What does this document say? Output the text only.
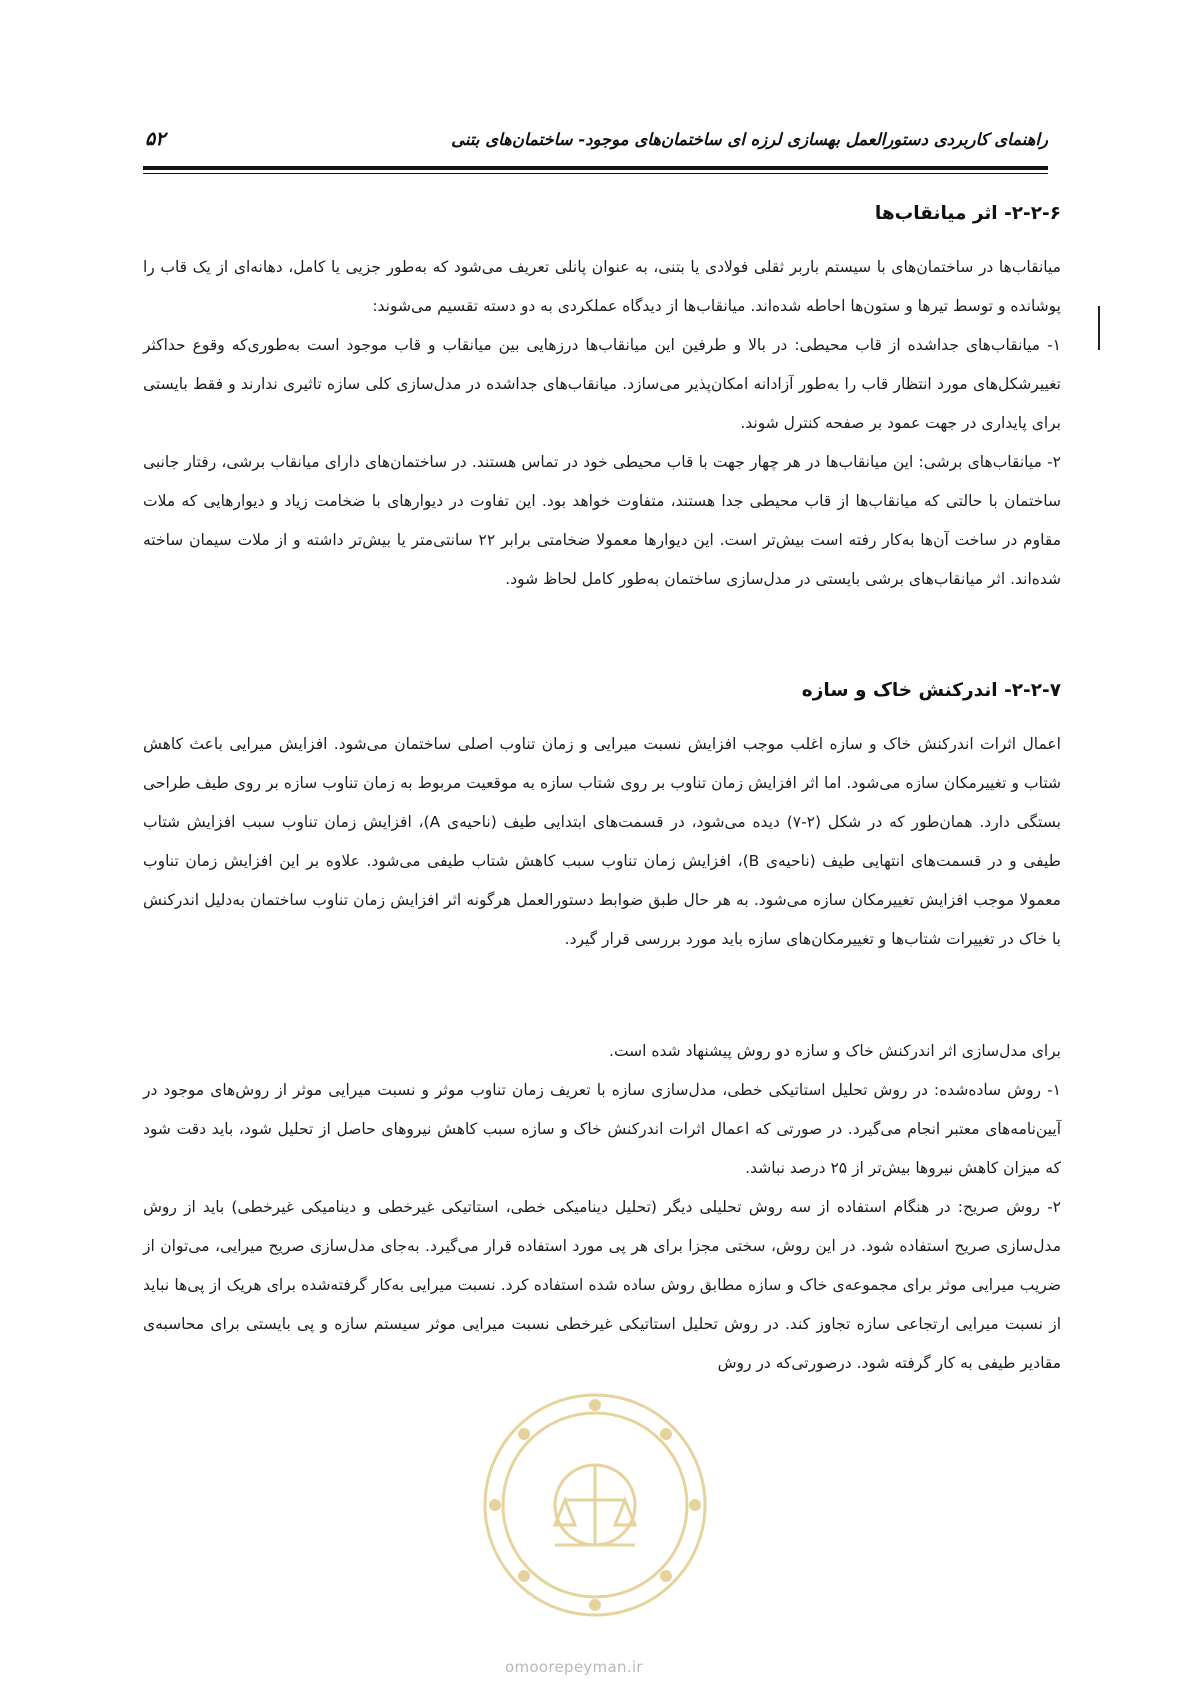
راهنمای کاربردی دستورالعمل بهسازی لرزه ای ساختمان‌های موجود- ساختمان‌های بتنی
۵۲
۲-۲-۶- اثر میانقاب‌ها

میانقاب‌ها در ساختمان‌های با سیستم باربر ثقلی فولادی یا بتنی، به عنوان پانلی تعریف می‌شود که به‌طور جزیی یا کامل، دهانه‌ای از یک قاب را پوشانده و توسط تیرها و ستون‌ها احاطه شده‌اند. میانقاب‌ها از دیدگاه عملکردی به دو دسته تقسیم می‌شوند:

۱- میانقاب‌های جداشده از قاب محیطی: در بالا و طرفین این میانقاب‌ها درزهایی بین میانقاب و قاب موجود است به‌طوری‌که وقوع حداکثر تغییرشکل‌های مورد انتظار قاب را به‌طور آزادانه امکان‌پذیر می‌سازد. میانقاب‌های جداشده در مدل‌سازی کلی سازه تاثیری ندارند و فقط بایستی برای پایداری در جهت عمود بر صفحه کنترل شوند.

۲- میانقاب‌های برشی: این میانقاب‌ها در هر چهار جهت با قاب محیطی خود در تماس هستند. در ساختمان‌های دارای میانقاب برشی، رفتار جانبی ساختمان با حالتی که میانقاب‌ها از قاب محیطی جدا هستند، متفاوت خواهد بود. این تفاوت در دیوارهای با ضخامت زیاد و دیوارهایی که ملات مقاوم در ساخت آن‌ها به‌کار رفته است بیش‌تر است. این دیوارها معمولا ضخامتی برابر ۲۲ سانتی‌متر یا بیش‌تر داشته و از ملات سیمان ساخته شده‌اند. اثر میانقاب‌های برشی بایستی در مدل‌سازی ساختمان به‌طور کامل لحاظ شود.

۲-۲-۷- اندرکنش خاک و سازه

اعمال اثرات اندرکنش خاک و سازه اغلب موجب افزایش نسبت میرایی و زمان تناوب اصلی ساختمان می‌شود. افزایش میرایی باعث کاهش شتاب و تغییرمکان سازه می‌شود. اما اثر افزایش زمان تناوب بر روی شتاب سازه به موقعیت مربوط به زمان تناوب سازه بر روی طیف طراحی بستگی دارد. همان‌طور که در شکل (۲-۷) دیده می‌شود، در قسمت‌های ابتدایی طیف (ناحیه‌ی A)، افزایش زمان تناوب سبب افزایش شتاب طیفی و در قسمت‌های انتهایی طیف (ناحیه‌ی B)، افزایش زمان تناوب سبب کاهش شتاب طیفی می‌شود. علاوه بر این افزایش زمان تناوب معمولا موجب افزایش تغییرمکان سازه می‌شود. به هر حال طبق ضوابط دستورالعمل هرگونه اثر افزایش زمان تناوب ساختمان به‌دلیل اندرکنش با خاک در تغییرات شتاب‌ها و تغییرمکان‌های سازه باید مورد بررسی قرار گیرد.

برای مدل‌سازی اثر اندرکنش خاک و سازه دو روش پیشنهاد شده است.

۱- روش ساده‌شده: در روش تحلیل استاتیکی خطی، مدل‌سازی سازه با تعریف زمان تناوب موثر و نسبت میرایی موثر از روش‌های موجود در آیین‌نامه‌های معتبر انجام می‌گیرد. در صورتی که اعمال اثرات اندرکنش خاک و سازه سبب کاهش نیروهای حاصل از تحلیل شود، باید دقت شود که میزان کاهش نیروها بیش‌تر از ۲۵ درصد نباشد.

۲- روش صریح: در هنگام استفاده از سه روش تحلیلی دیگر (تحلیل دینامیکی خطی، استاتیکی غیرخطی و دینامیکی غیرخطی) باید از روش مدل‌سازی صریح استفاده شود. در این روش، سختی مجزا برای هر پی مورد استفاده قرار می‌گیرد. به‌جای مدل‌سازی صریح میرایی، می‌توان از ضریب میرایی موثر برای مجموعه‌ی خاک و سازه مطابق روش ساده شده استفاده کرد. نسبت میرایی به‌کار گرفته‌شده برای هریک از پی‌ها نباید از نسبت میرایی ارتجاعی سازه تجاوز کند. در روش تحلیل استاتیکی غیرخطی نسبت میرایی موثر سیستم سازه و پی بایستی برای محاسبه‌ی مقادیر طیفی به کار گرفته شود. درصورتی‌که در روش

omoorepeyman.ir
